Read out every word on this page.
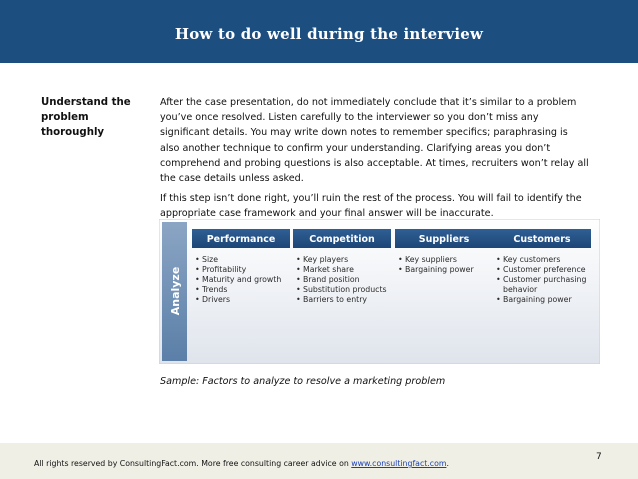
How to do well during the interview
Understand the
problem
thoroughly

After the case presentation, do not immediately conclude that it’s similar to a problem you’ve once resolved. Listen carefully to the interviewer so you don’t miss any significant details. You may write down notes to remember specifics; paraphrasing is also another technique to confirm your understanding. Clarifying areas you don’t comprehend and probing questions is also acceptable. At times, recruiters won’t relay all the case details unless asked.

If this step isn’t done right, you’ll ruin the rest of the process. You will fail to identify the appropriate case framework and your final answer will be inaccurate.

Analyze
Performance
• Size
• Profitability
• Maturity and growth
• Trends
• Drivers
Competition
• Key players
• Market share
• Brand position
• Substitution products
• Barriers to entry
Suppliers
• Key suppliers
• Bargaining power
Customers
• Key customers
• Customer preference
• Customer purchasing
behavior
• Bargaining power
Sample: Factors to analyze to resolve a marketing problem
7
All rights reserved by ConsultingFact.com. More free consulting career advice on www.consultingfact.com.
